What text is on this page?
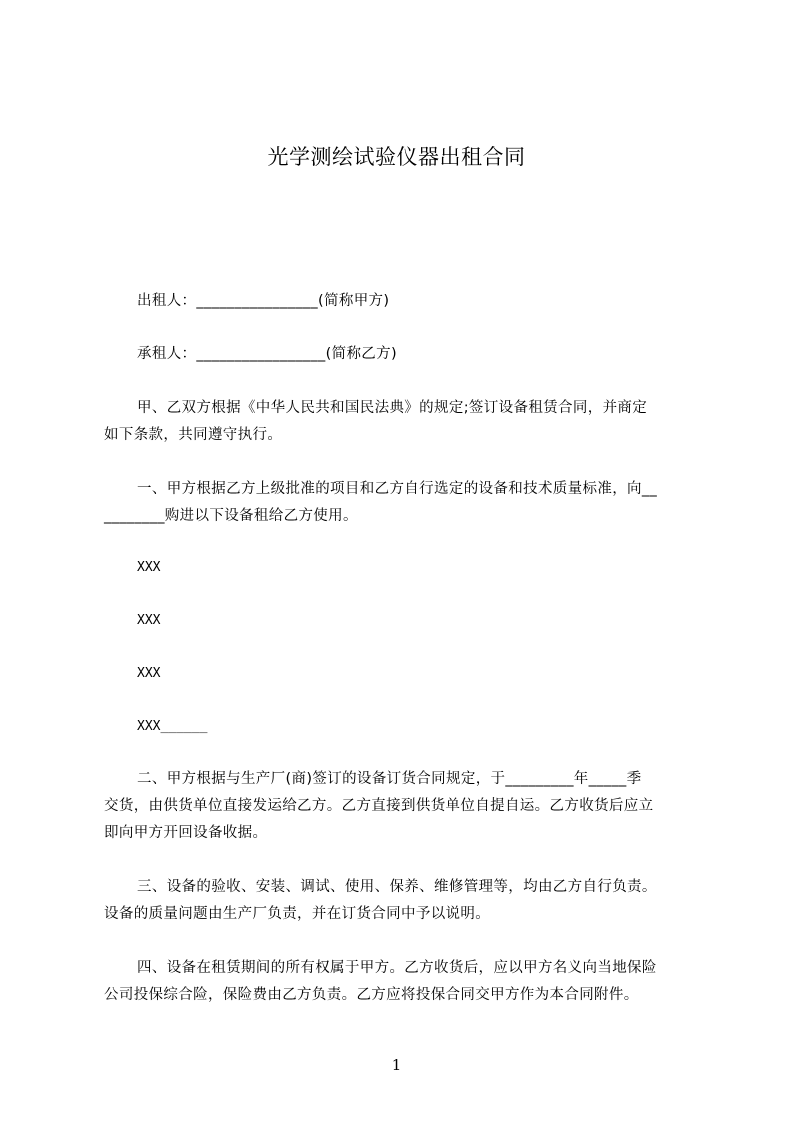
光学测绘试验仪器出租合同
出租人：________________(简称甲方)
承租人：_________________(简称乙方)
甲、乙双方根据《中华人民共和国民法典》的规定;签订设备租赁合同，并商定
如下条款，共同遵守执行。
一、甲方根据乙方上级批准的项目和乙方自行选定的设备和技术质量标准，向__
________购进以下设备租给乙方使用。
XXX
XXX
XXX
XXX______
二、甲方根据与生产厂(商)签订的设备订货合同规定，于_________年_____季
交货，由供货单位直接发运给乙方。乙方直接到供货单位自提自运。乙方收货后应立
即向甲方开回设备收据。
三、设备的验收、安装、调试、使用、保养、维修管理等，均由乙方自行负责。
设备的质量问题由生产厂负责，并在订货合同中予以说明。
四、设备在租赁期间的所有权属于甲方。乙方收货后，应以甲方名义向当地保险
公司投保综合险，保险费由乙方负责。乙方应将投保合同交甲方作为本合同附件。
1
